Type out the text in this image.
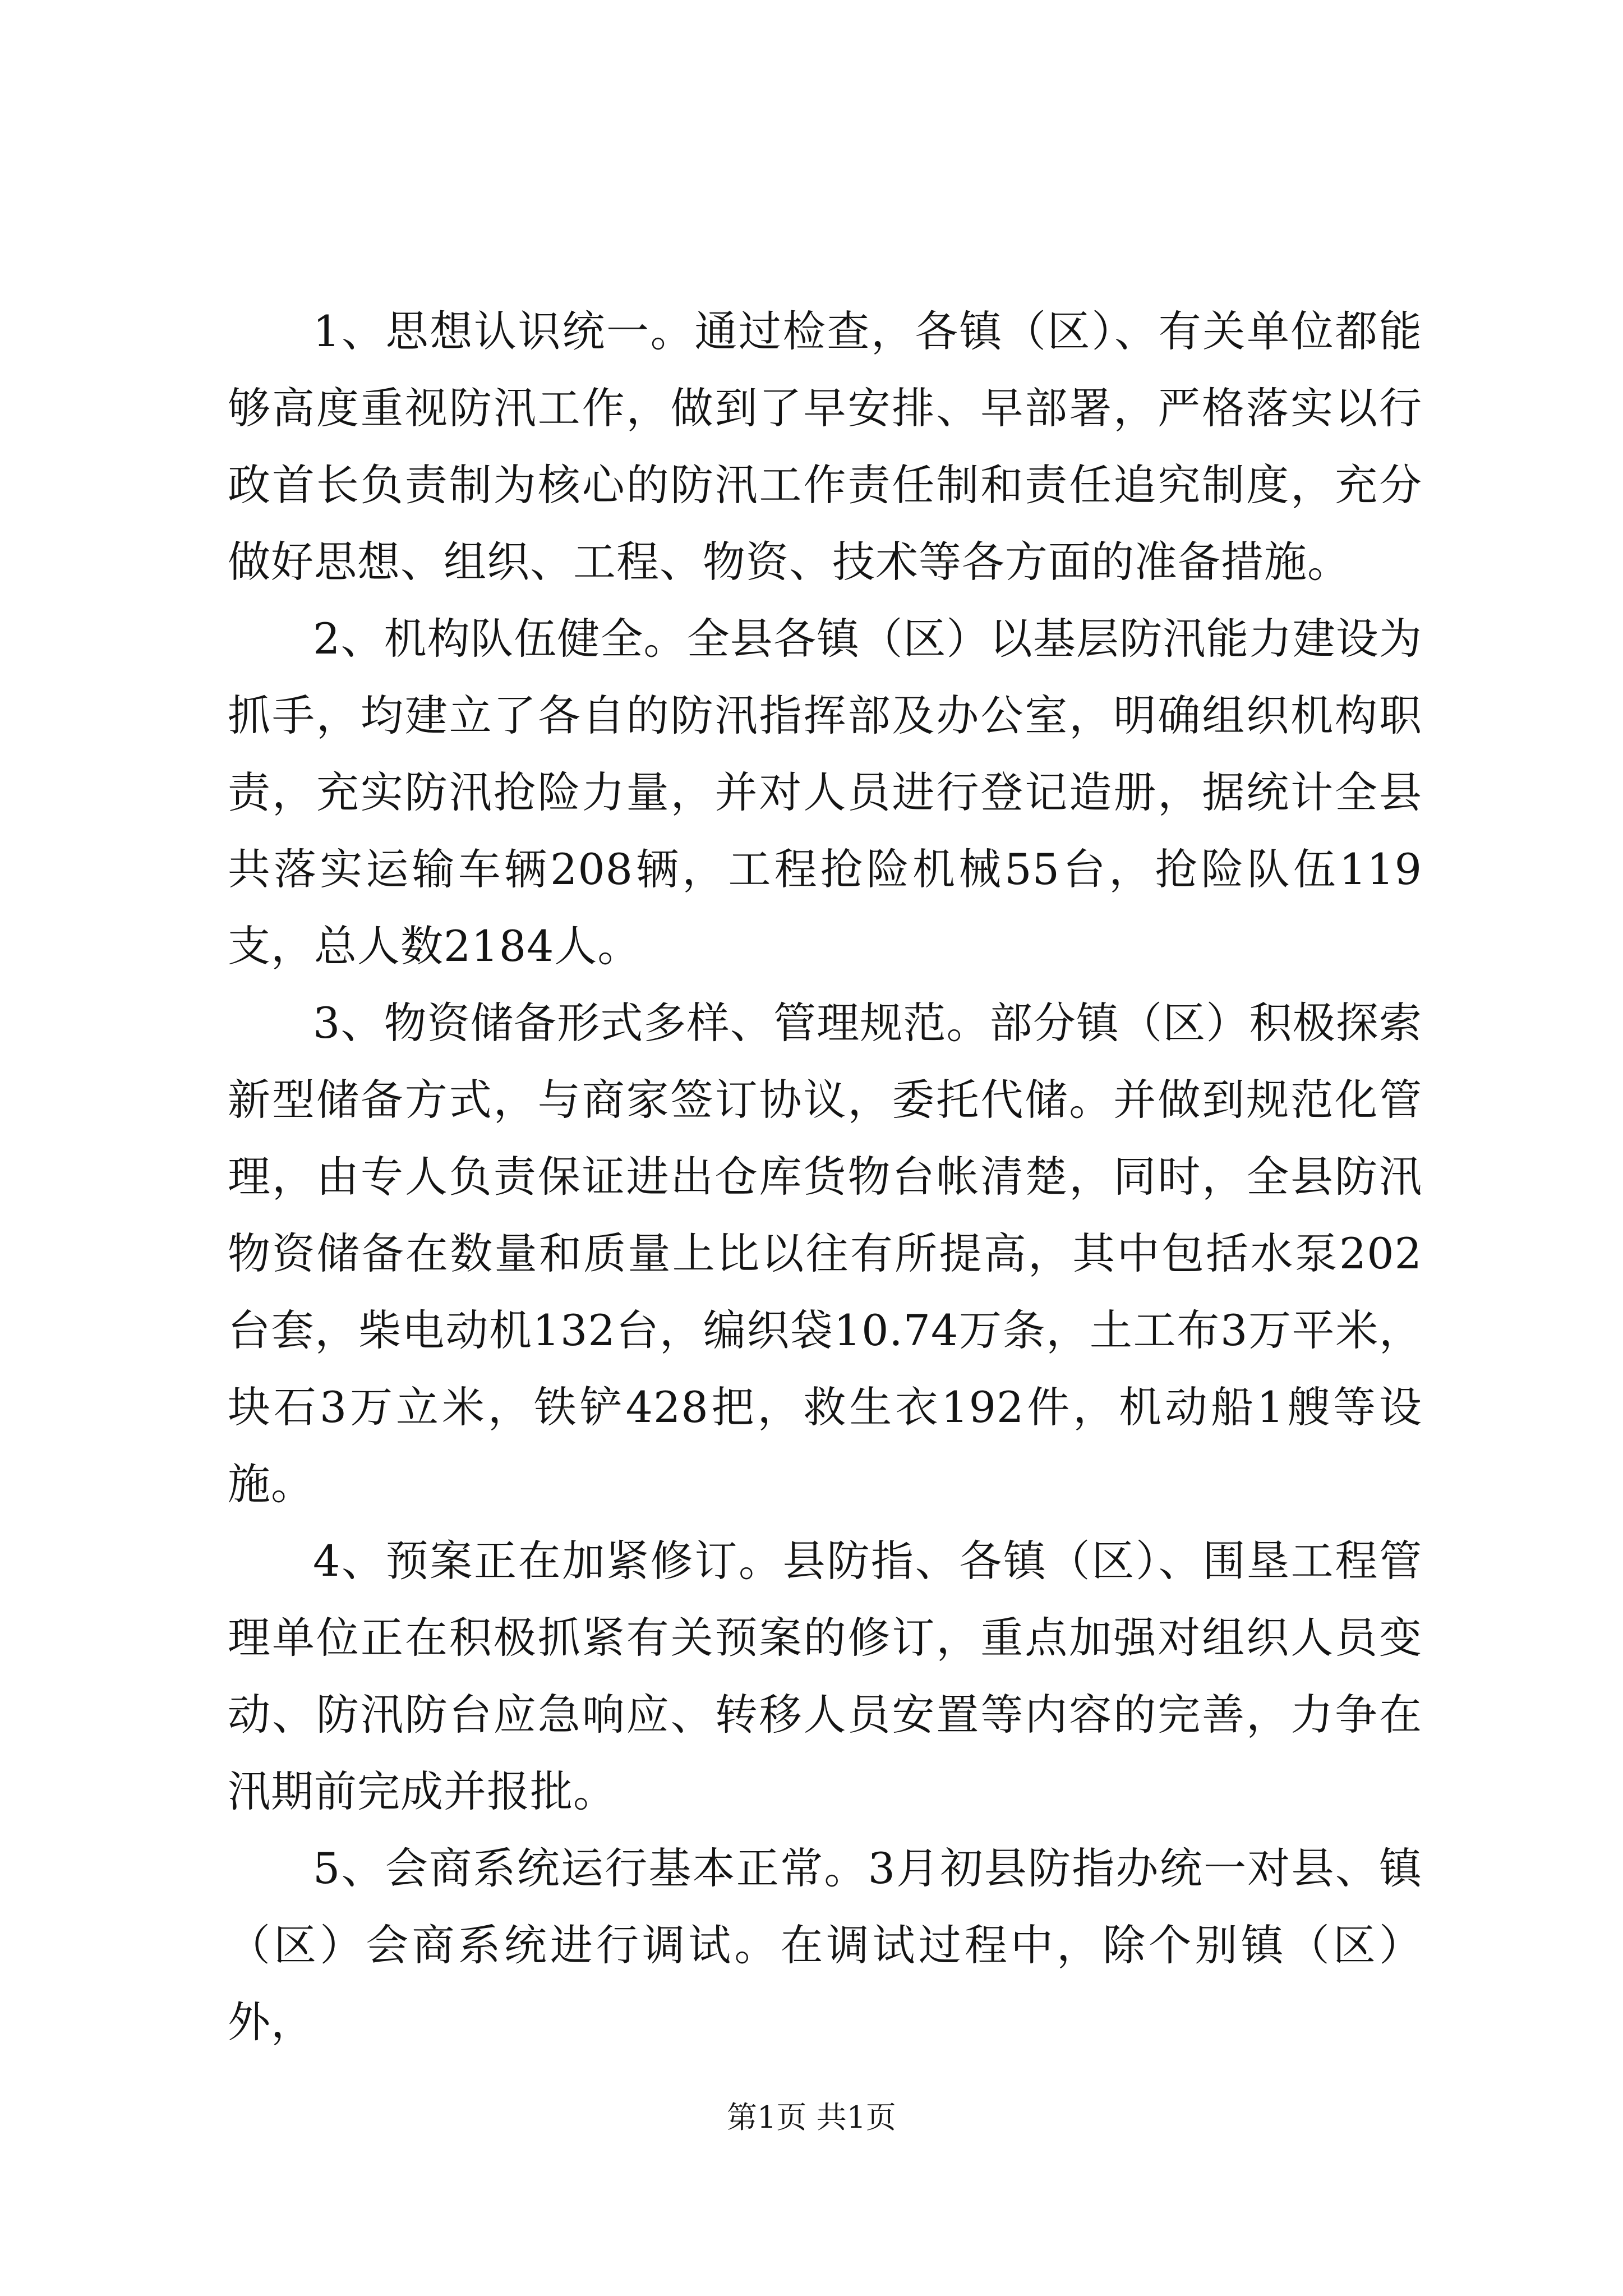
1、思想认识统一。通过检查，各镇（区）、有关单位都能够高度重视防汛工作，做到了早安排、早部署，严格落实以行政首长负责制为核心的防汛工作责任制和责任追究制度，充分做好思想、组织、工程、物资、技术等各方面的准备措施。

2、机构队伍健全。全县各镇（区）以基层防汛能力建设为抓手，均建立了各自的防汛指挥部及办公室，明确组织机构职责，充实防汛抢险力量，并对人员进行登记造册，据统计全县共落实运输车辆208辆，工程抢险机械55台，抢险队伍119支，总人数2184人。

3、物资储备形式多样、管理规范。部分镇（区）积极探索新型储备方式，与商家签订协议，委托代储。并做到规范化管理，由专人负责保证进出仓库货物台帐清楚，同时，全县防汛物资储备在数量和质量上比以往有所提高，其中包括水泵202台套，柴电动机132台，编织袋10.74万条，土工布3万平米，块石3万立米，铁铲428把，救生衣192件，机动船1艘等设施。

4、预案正在加紧修订。县防指、各镇（区）、围垦工程管理单位正在积极抓紧有关预案的修订，重点加强对组织人员变动、防汛防台应急响应、转移人员安置等内容的完善，力争在汛期前完成并报批。

5、会商系统运行基本正常。3月初县防指办统一对县、镇（区）会商系统进行调试。在调试过程中，除个别镇（区）外，

第1页 共1页
